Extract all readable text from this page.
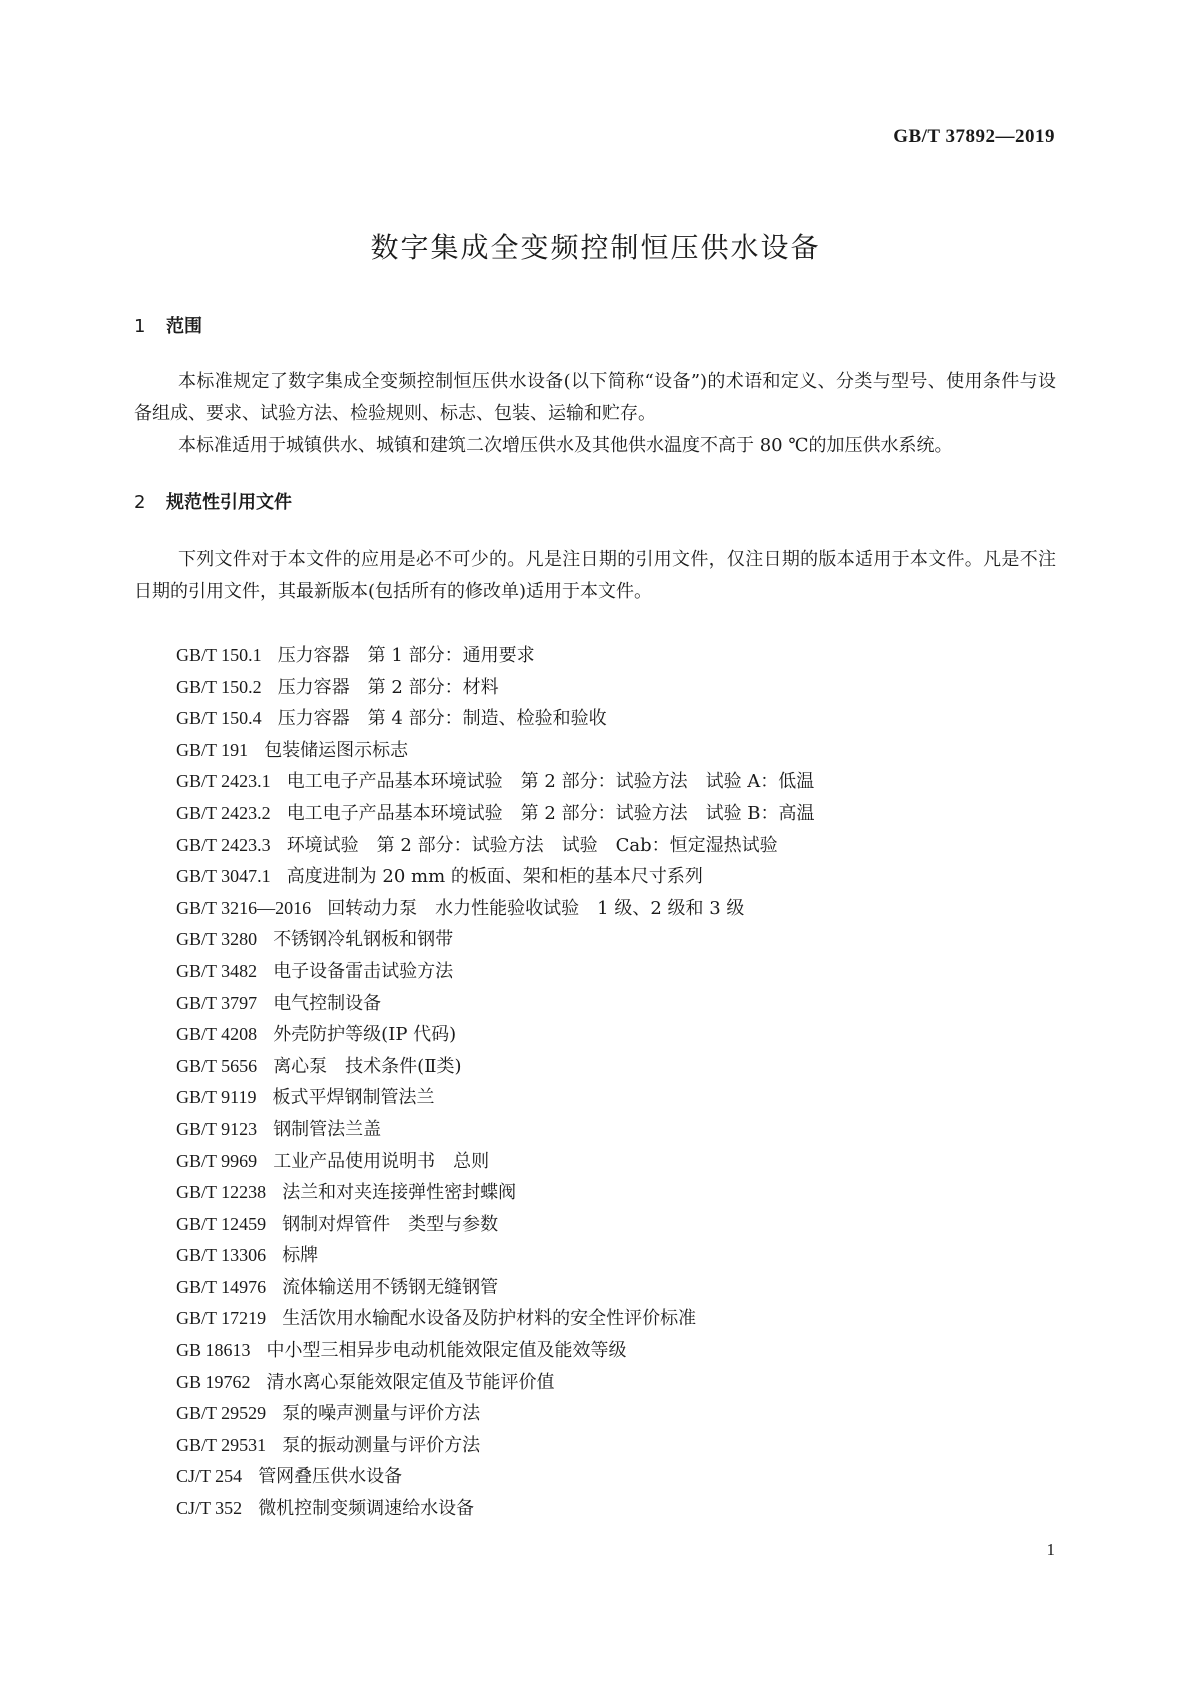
GB/T 37892—2019
数字集成全变频控制恒压供水设备
1 范围

本标准规定了数字集成全变频控制恒压供水设备(以下简称“设备”)的术语和定义、分类与型号、使用条件与设备组成、要求、试验方法、检验规则、标志、包装、运输和贮存。

本标准适用于城镇供水、城镇和建筑二次增压供水及其他供水温度不高于 80 ℃的加压供水系统。

2 规范性引用文件

下列文件对于本文件的应用是必不可少的。凡是注日期的引用文件，仅注日期的版本适用于本文件。凡是不注日期的引用文件，其最新版本(包括所有的修改单)适用于本文件。

GB/T 150.1 压力容器　第 1 部分：通用要求
GB/T 150.2 压力容器　第 2 部分：材料
GB/T 150.4 压力容器　第 4 部分：制造、检验和验收
GB/T 191 包装储运图示标志
GB/T 2423.1 电工电子产品基本环境试验　第 2 部分：试验方法　试验 A：低温
GB/T 2423.2 电工电子产品基本环境试验　第 2 部分：试验方法　试验 B：高温
GB/T 2423.3 环境试验　第 2 部分：试验方法　试验　Cab：恒定湿热试验
GB/T 3047.1 高度进制为 20 mm 的板面、架和柜的基本尺寸系列
GB/T 3216—2016 回转动力泵　水力性能验收试验　1 级、2 级和 3 级
GB/T 3280 不锈钢冷轧钢板和钢带
GB/T 3482 电子设备雷击试验方法
GB/T 3797 电气控制设备
GB/T 4208 外壳防护等级(IP 代码)
GB/T 5656 离心泵　技术条件(Ⅱ类)
GB/T 9119 板式平焊钢制管法兰
GB/T 9123 钢制管法兰盖
GB/T 9969 工业产品使用说明书　总则
GB/T 12238 法兰和对夹连接弹性密封蝶阀
GB/T 12459 钢制对焊管件　类型与参数
GB/T 13306 标牌
GB/T 14976 流体输送用不锈钢无缝钢管
GB/T 17219 生活饮用水输配水设备及防护材料的安全性评价标准
GB 18613 中小型三相异步电动机能效限定值及能效等级
GB 19762 清水离心泵能效限定值及节能评价值
GB/T 29529 泵的噪声测量与评价方法
GB/T 29531 泵的振动测量与评价方法
CJ/T 254 管网叠压供水设备
CJ/T 352 微机控制变频调速给水设备
1
